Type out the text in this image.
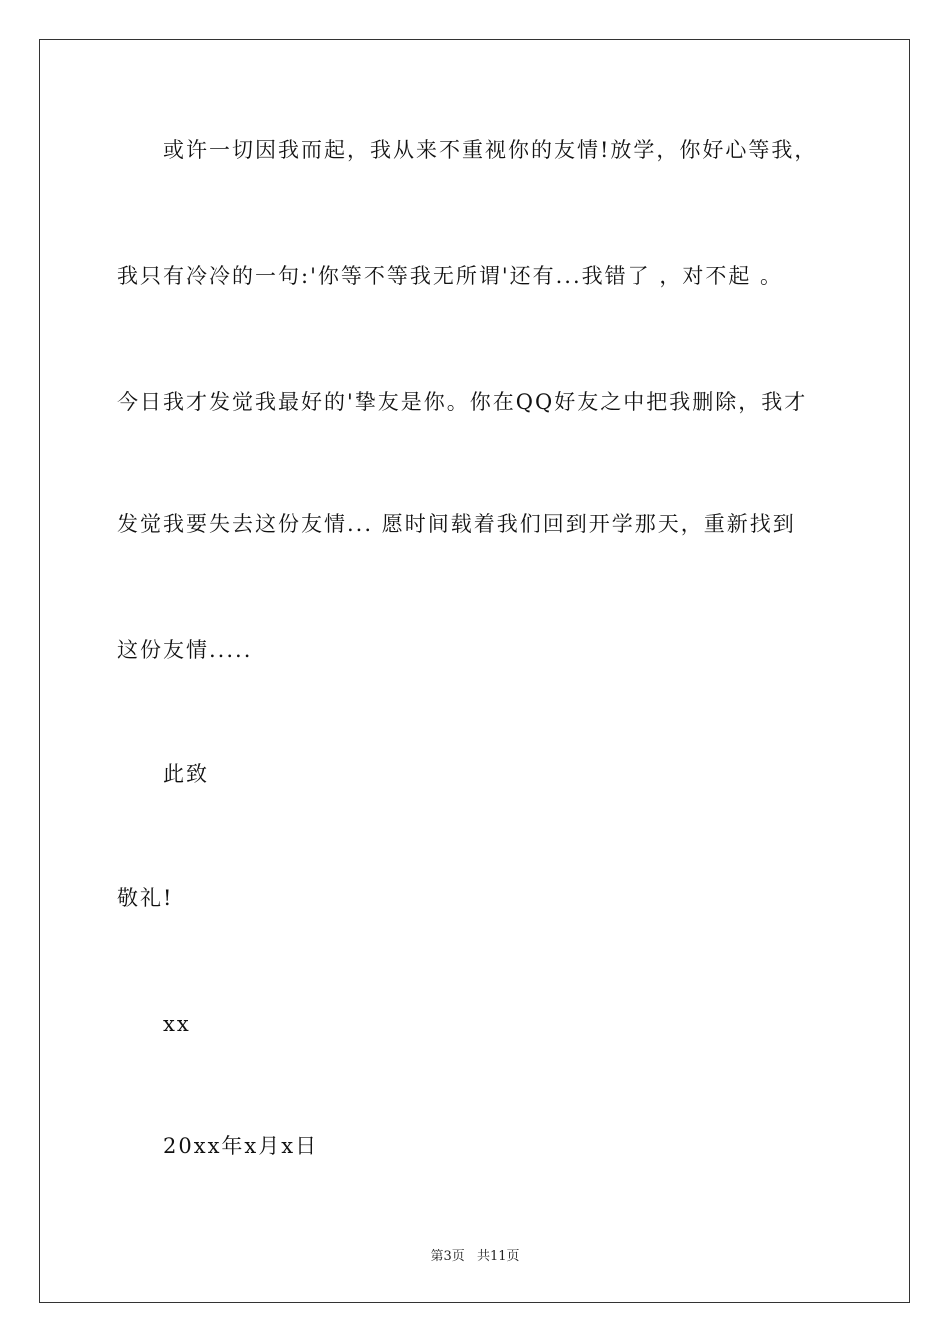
或许一切因我而起，我从来不重视你的友情!放学，你好心等我，
我只有冷冷的一句:'你等不等我无所谓'还有...我错了 ，对不起 。
今日我才发觉我最好的'挚友是你。你在QQ好友之中把我删除，我才
发觉我要失去这份友情... 愿时间载着我们回到开学那天，重新找到
这份友情.....
此致
敬礼!
xx
20xx年x月x日
第3页 共11页
